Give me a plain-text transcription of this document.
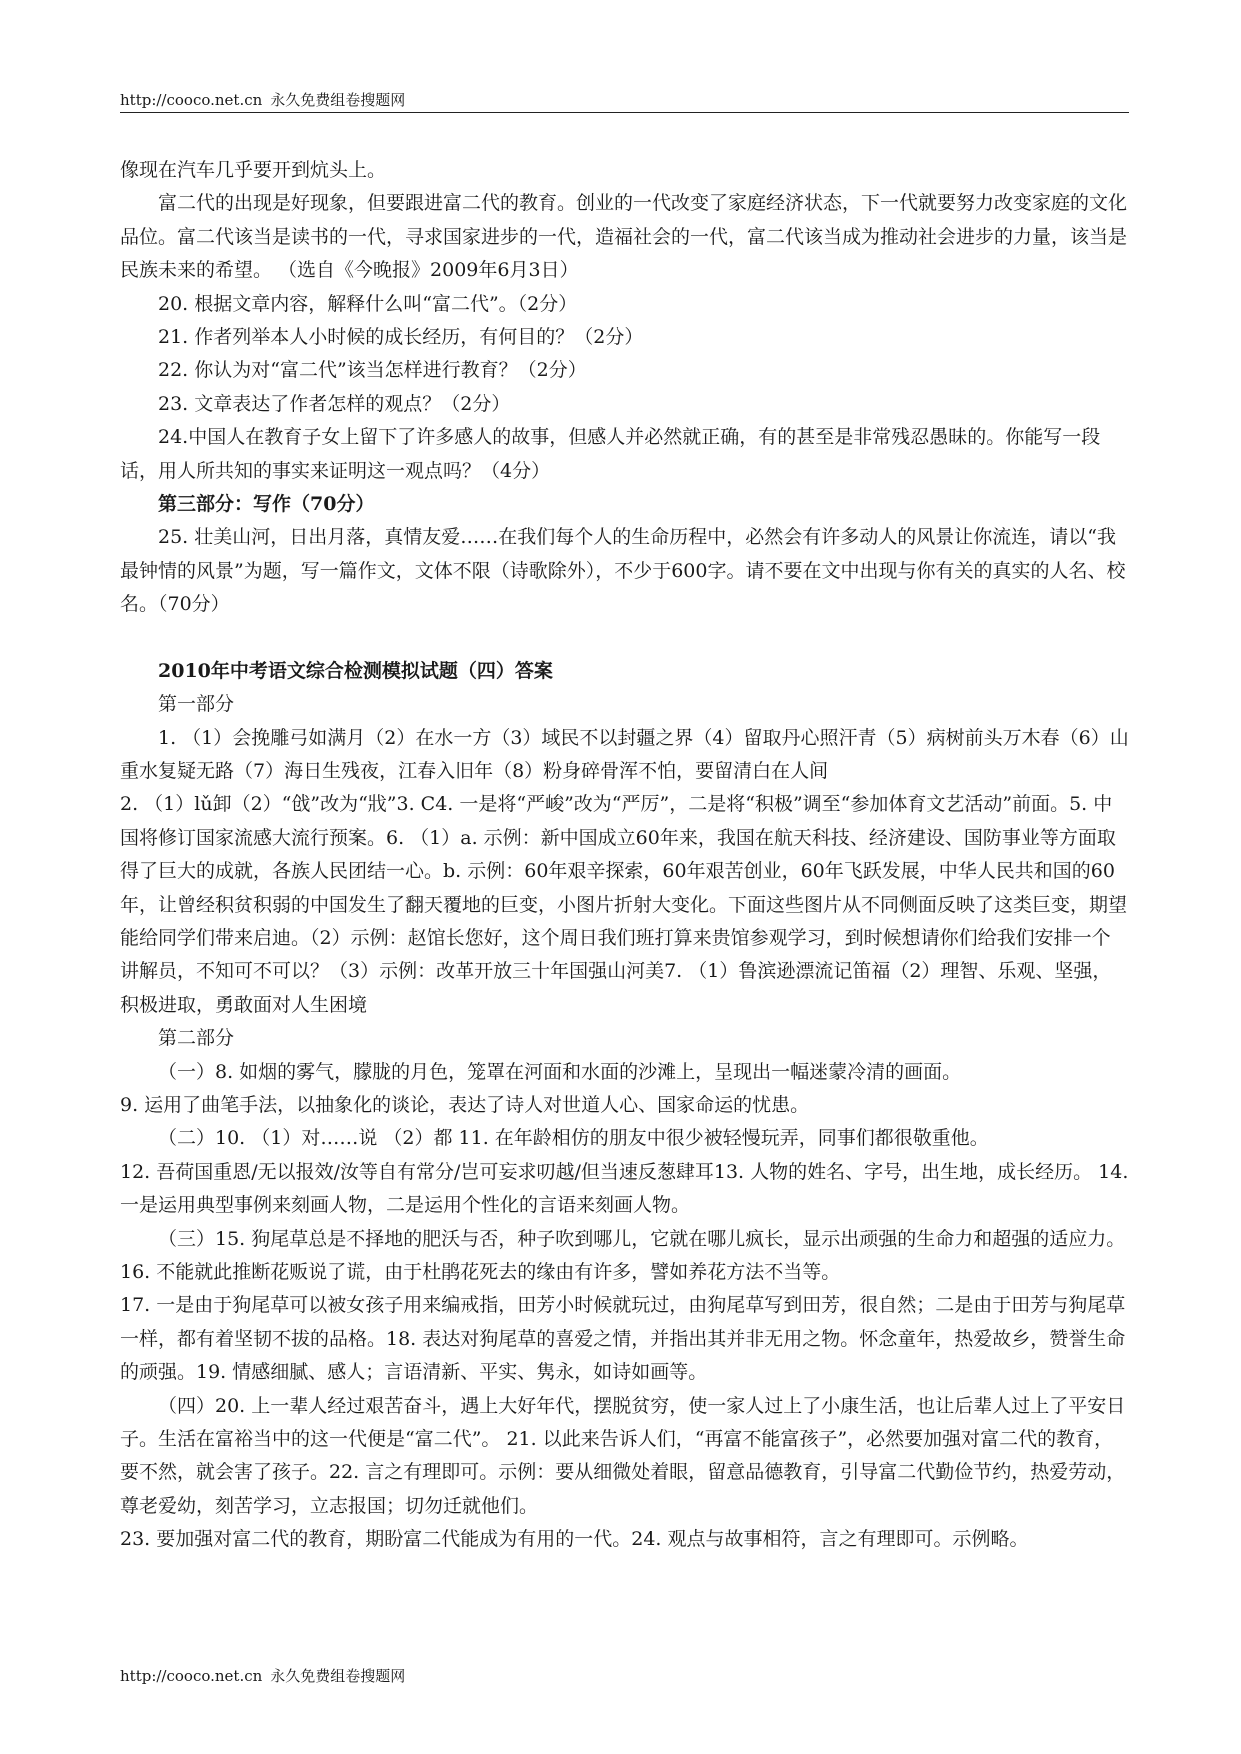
http://cooco.net.cn 永久免费组卷搜题网

像现在汽车几乎要开到炕头上。

富二代的出现是好现象，但要跟进富二代的教育。创业的一代改变了家庭经济状态，下一代就要努力改变家庭的文化品位。富二代该当是读书的一代，寻求国家进步的一代，造福社会的一代，富二代该当成为推动社会进步的力量，该当是民族未来的希望。 （选自《今晚报》2009年6月3日）

20. 根据文章内容，解释什么叫“富二代”。（2分）

21. 作者列举本人小时候的成长经历，有何目的？（2分）

22. 你认为对“富二代”该当怎样进行教育？（2分）

23. 文章表达了作者怎样的观点？（2分）

24.中国人在教育子女上留下了许多感人的故事，但感人并必然就正确，有的甚至是非常残忍愚昧的。你能写一段话，用人所共知的事实来证明这一观点吗？（4分）

第三部分：写作（70分）

25. 壮美山河，日出月落，真情友爱……在我们每个人的生命历程中，必然会有许多动人的风景让你流连，请以“我最钟情的风景”为题，写一篇作文，文体不限（诗歌除外），不少于600字。请不要在文中出现与你有关的真实的人名、校名。（70分）

2010年中考语文综合检测模拟试题（四）答案

第一部分

1. （1）会挽雕弓如满月（2）在水一方（3）域民不以封疆之界（4）留取丹心照汗青（5）病树前头万木春（6）山重水复疑无路（7）海日生残夜，江春入旧年（8）粉身碎骨浑不怕，要留清白在人间

2. （1）lǔ卸（2）“戗”改为“戕”3. C4. 一是将“严峻”改为“严厉”，二是将“积极”调至“参加体育文艺活动”前面。5. 中国将修订国家流感大流行预案。6. （1）a. 示例：新中国成立60年来，我国在航天科技、经济建设、国防事业等方面取得了巨大的成就，各族人民团结一心。b. 示例：60年艰辛探索，60年艰苦创业，60年飞跃发展，中华人民共和国的60年，让曾经积贫积弱的中国发生了翻天覆地的巨变，小图片折射大变化。下面这些图片从不同侧面反映了这类巨变，期望能给同学们带来启迪。（2）示例：赵馆长您好，这个周日我们班打算来贵馆参观学习，到时候想请你们给我们安排一个讲解员，不知可不可以？（3）示例：改革开放三十年国强山河美7. （1）鲁滨逊漂流记笛福（2）理智、乐观、坚强，积极进取，勇敢面对人生困境

第二部分

（一）8. 如烟的雾气，朦胧的月色，笼罩在河面和水面的沙滩上，呈现出一幅迷蒙冷清的画面。

9. 运用了曲笔手法，以抽象化的谈论，表达了诗人对世道人心、国家命运的忧患。

（二）10. （1）对……说 （2）都 11. 在年龄相仿的朋友中很少被轻慢玩弄，同事们都很敬重他。

12. 吾荷国重恩/无以报效/汝等自有常分/岂可妄求叨越/但当速反葱肆耳13. 人物的姓名、字号，出生地，成长经历。 14. 一是运用典型事例来刻画人物，二是运用个性化的言语来刻画人物。

（三）15. 狗尾草总是不择地的肥沃与否，种子吹到哪儿，它就在哪儿疯长，显示出顽强的生命力和超强的适应力。 16. 不能就此推断花贩说了谎，由于杜鹃花死去的缘由有许多，譬如养花方法不当等。

17. 一是由于狗尾草可以被女孩子用来编戒指，田芳小时候就玩过，由狗尾草写到田芳，很自然；二是由于田芳与狗尾草一样，都有着坚韧不拔的品格。18. 表达对狗尾草的喜爱之情，并指出其并非无用之物。怀念童年，热爱故乡，赞誉生命的顽强。19. 情感细腻、感人；言语清新、平实、隽永，如诗如画等。

（四）20. 上一辈人经过艰苦奋斗，遇上大好年代，摆脱贫穷，使一家人过上了小康生活，也让后辈人过上了平安日子。生活在富裕当中的这一代便是“富二代”。 21. 以此来告诉人们，“再富不能富孩子”，必然要加强对富二代的教育，要不然，就会害了孩子。22. 言之有理即可。示例：要从细微处着眼，留意品德教育，引导富二代勤俭节约，热爱劳动，尊老爱幼，刻苦学习，立志报国；切勿迁就他们。

23. 要加强对富二代的教育，期盼富二代能成为有用的一代。24. 观点与故事相符，言之有理即可。示例略。

http://cooco.net.cn 永久免费组卷搜题网
